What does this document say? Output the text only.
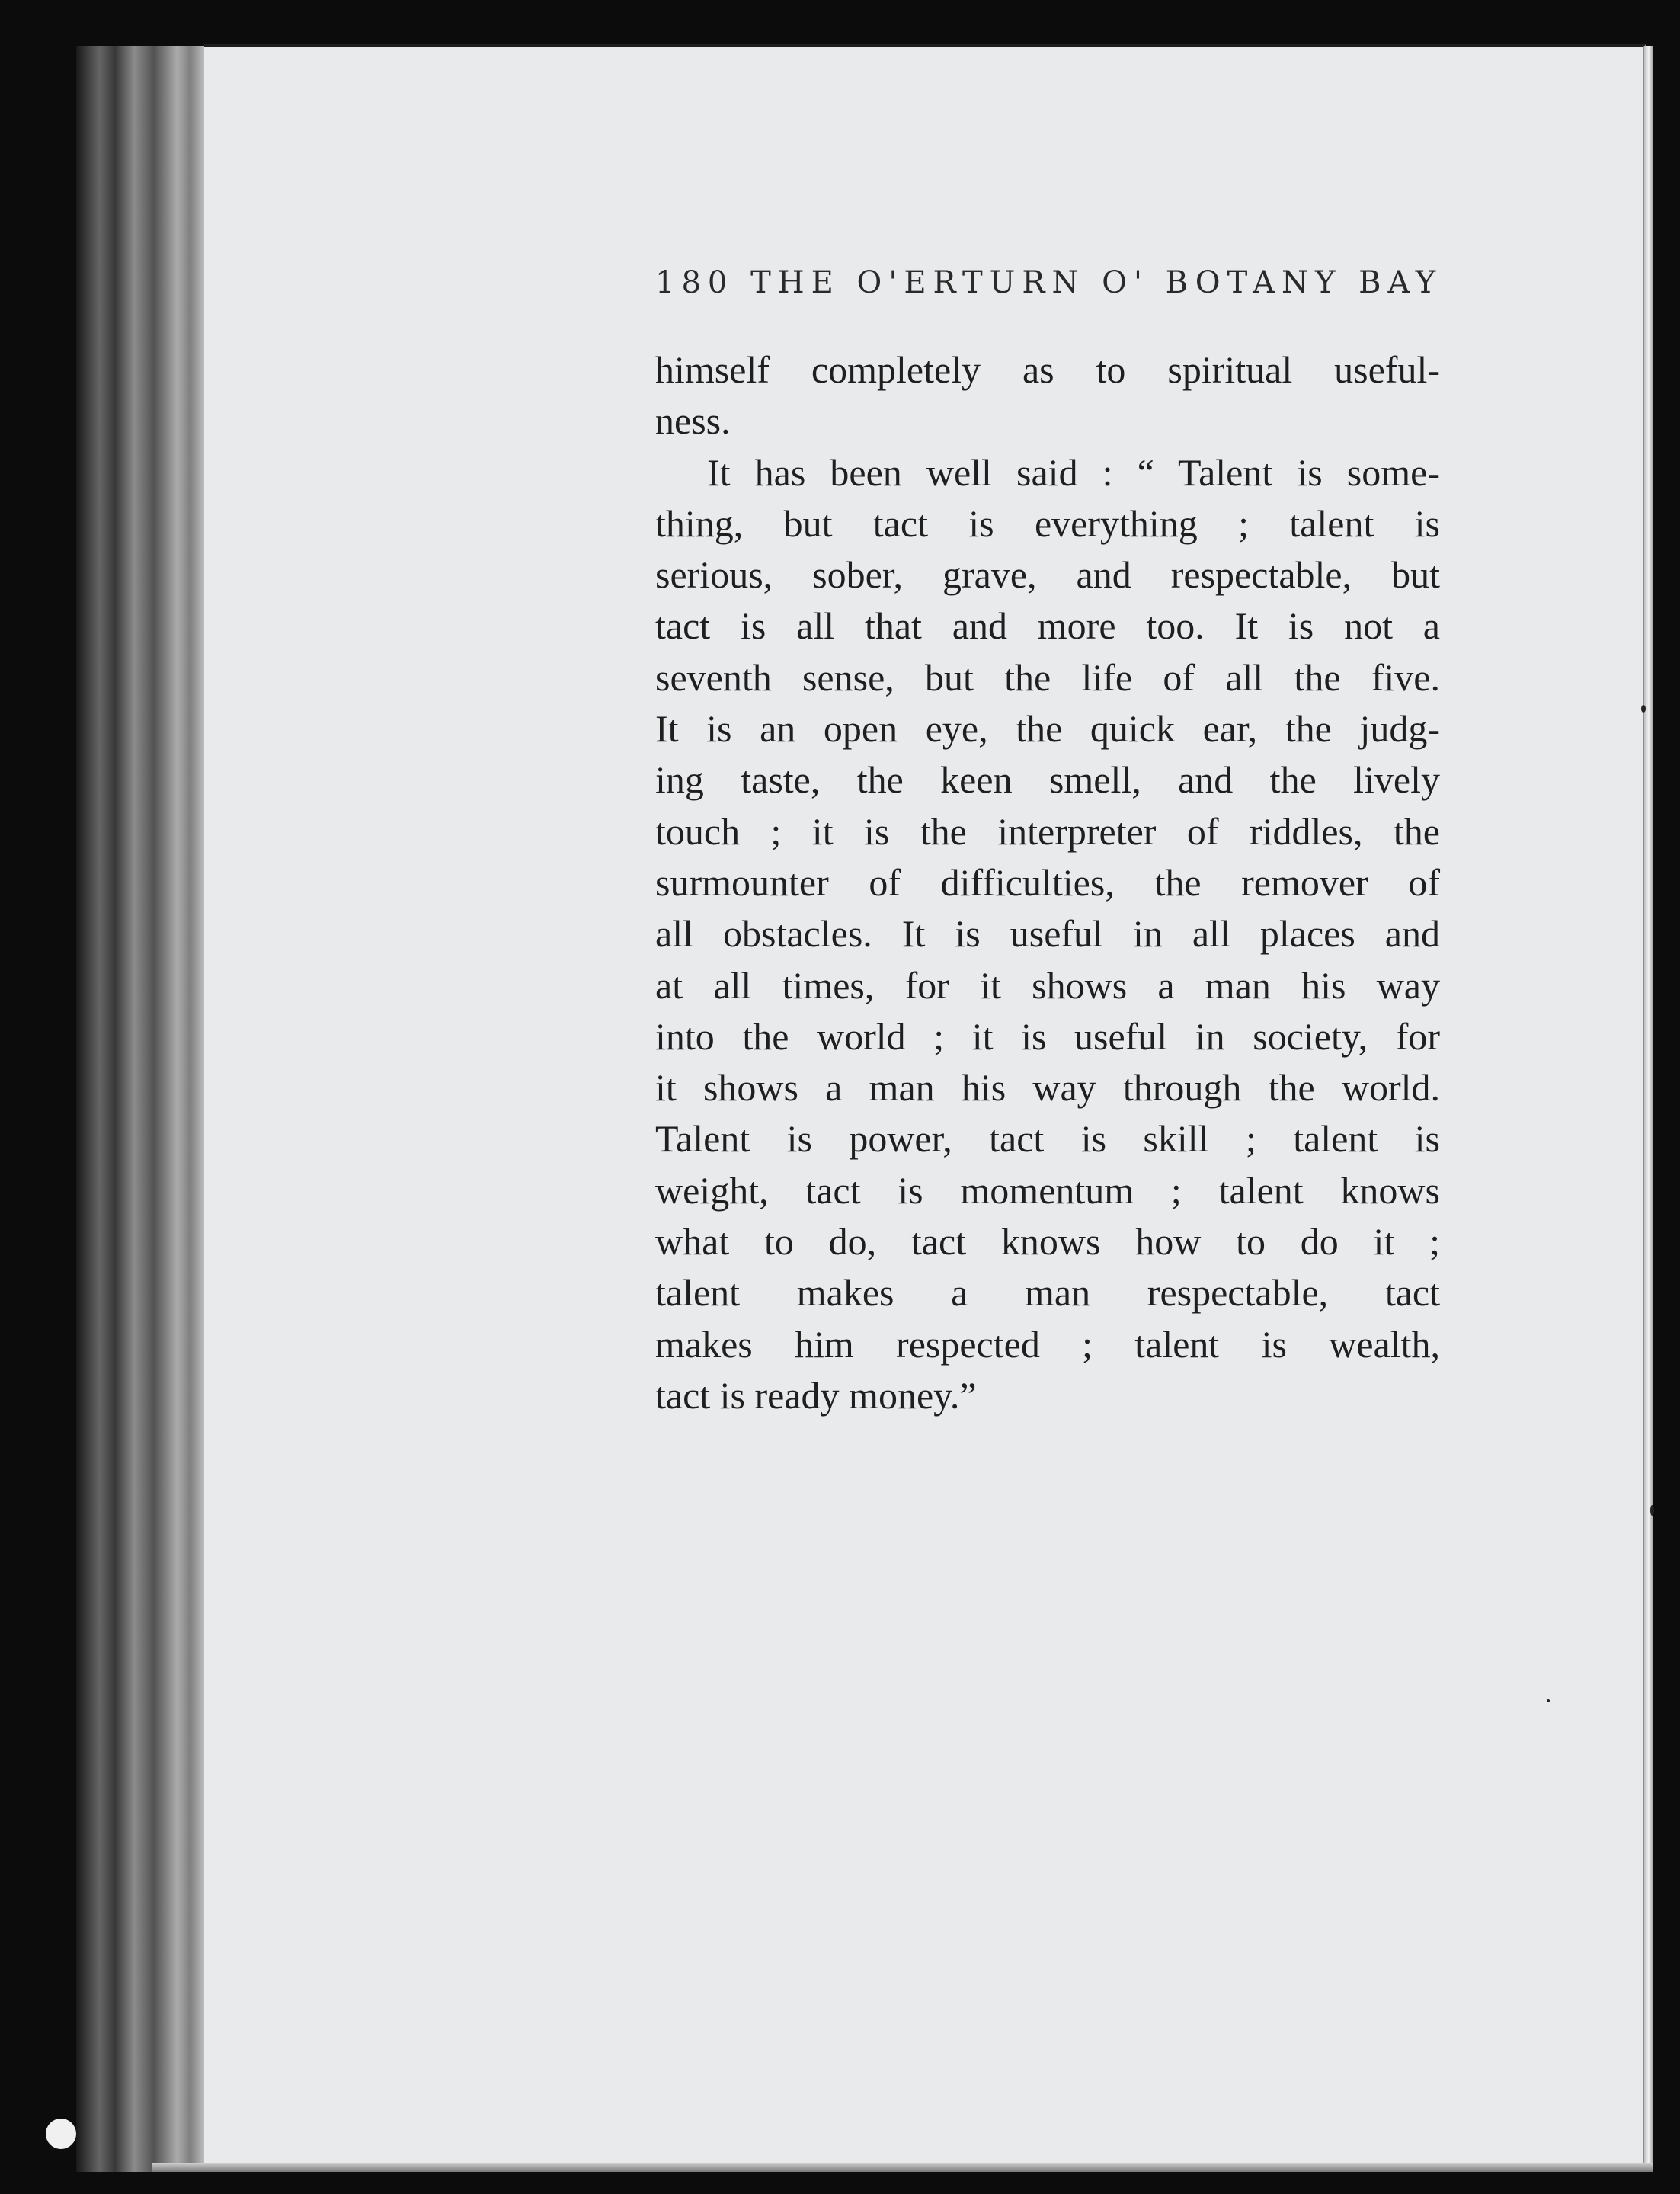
180 THE O'ERTURN O' BOTANY BAY
himself completely as to spiritual useful-
ness.
It has been well said : “ Talent is some-
thing, but tact is everything ; talent is
serious, sober, grave, and respectable, but
tact is all that and more too. It is not a
seventh sense, but the life of all the five.
It is an open eye, the quick ear, the judg-
ing taste, the keen smell, and the lively
touch ; it is the interpreter of riddles, the
surmounter of difficulties, the remover of
all obstacles. It is useful in all places and
at all times, for it shows a man his way
into the world ; it is useful in society, for
it shows a man his way through the world.
Talent is power, tact is skill ; talent is
weight, tact is momentum ; talent knows
what to do, tact knows how to do it ;
talent makes a man respectable, tact
makes him respected ; talent is wealth,
tact is ready money.”
